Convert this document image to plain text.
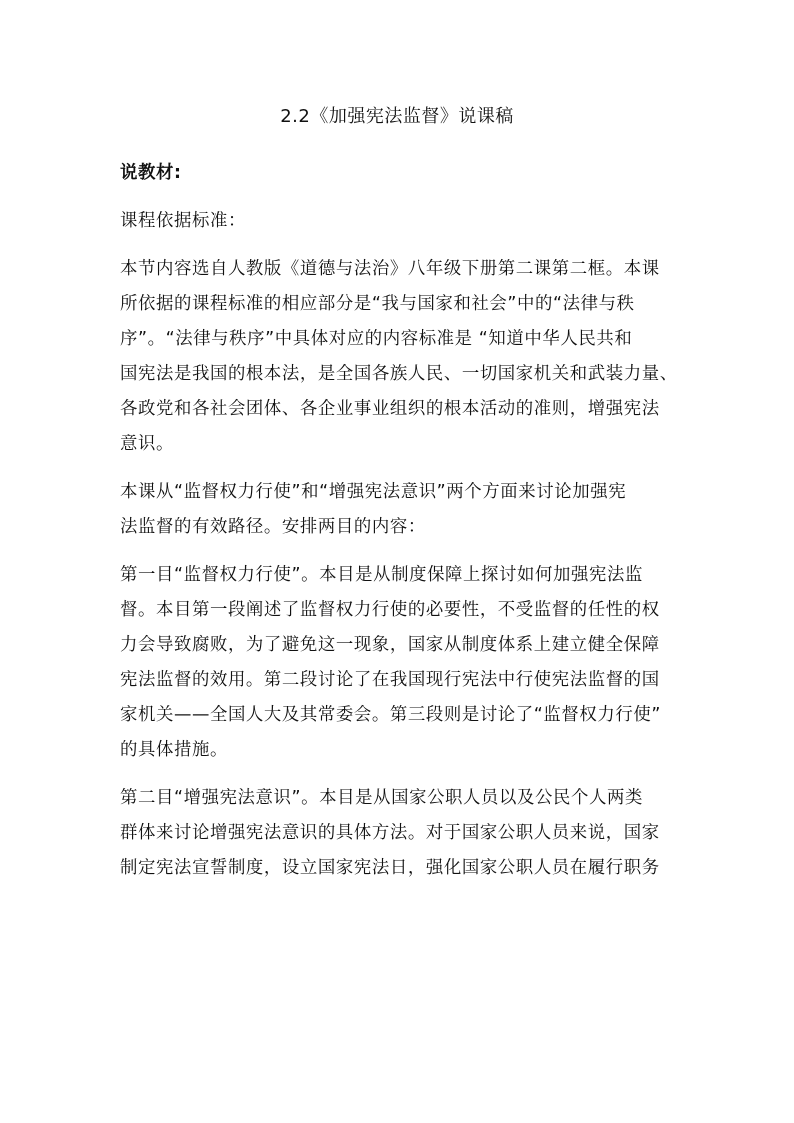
2.2《加强宪法监督》说课稿
说教材:
课程依据标准：
本节内容选自人教版《道德与法治》八年级下册第二课第二框。本课
所依据的课程标准的相应部分是“我与国家和社会”中的“法律与秩
序”。“法律与秩序”中具体对应的内容标准是 “知道中华人民共和
国宪法是我国的根本法，是全国各族人民、一切国家机关和武装力量、
各政党和各社会团体、各企业事业组织的根本活动的准则，增强宪法
意识。
本课从“监督权力行使”和“增强宪法意识”两个方面来讨论加强宪
法监督的有效路径。安排两目的内容：
第一目“监督权力行使”。本目是从制度保障上探讨如何加强宪法监
督。本目第一段阐述了监督权力行使的必要性，不受监督的任性的权
力会导致腐败，为了避免这一现象，国家从制度体系上建立健全保障
宪法监督的效用。第二段讨论了在我国现行宪法中行使宪法监督的国
家机关——全国人大及其常委会。第三段则是讨论了“监督权力行使”
的具体措施。
第二目“增强宪法意识”。本目是从国家公职人员以及公民个人两类
群体来讨论增强宪法意识的具体方法。对于国家公职人员来说，国家
制定宪法宣誓制度，设立国家宪法日，强化国家公职人员在履行职务
